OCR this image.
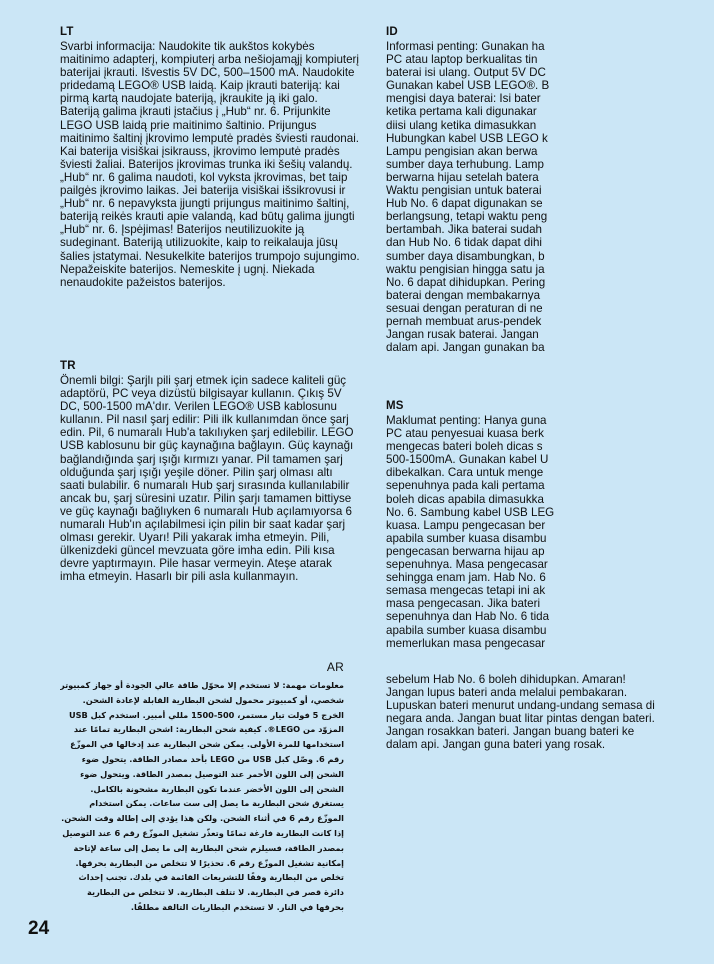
LT

Svarbi informacija: Naudokite tik aukštos kokybės maitinimo adapterį, kompiuterį arba nešiojamąjį kompiuterį baterijai įkrauti. Išvestis 5V DC, 500–1500 mA. Naudokite pridedamą LEGO® USB laidą. Kaip įkrauti bateriją: kai pirmą kartą naudojate bateriją, įkraukite ją iki galo. Bateriją galima įkrauti įstačius į „Hub“ nr. 6. Prijunkite LEGO USB laidą prie maitinimo šaltinio. Prijungus maitinimo šaltinį įkrovimo lemputė pradės šviesti raudonai. Kai baterija visiškai įsikrauss, įkrovimo lemputė pradės šviesti žaliai. Baterijos įkrovimas trunka iki šešių valandų. „Hub“ nr. 6 galima naudoti, kol vyksta įkrovimas, bet taip pailgės įkrovimo laikas. Jei baterija visiškai išsikrovusi ir „Hub“ nr. 6 nepavyksta įjungti prijungus maitinimo šaltinį, bateriją reikės krauti apie valandą, kad būtų galima įjungti „Hub“ nr. 6. Įspėjimas! Baterijos neutilizuokite ją sudeginant. Bateriją utilizuokite, kaip to reikalauja jūsų šalies įstatymai. Nesukelkite baterijos trumpojo sujungimo. Nepažeiskite baterijos. Nemeskite į ugnį. Niekada nenaudokite pažeistos baterijos.

TR

Önemli bilgi: Şarjlı pili şarj etmek için sadece kaliteli güç adaptörü, PC veya dizüstü bilgisayar kullanın. Çıkış 5V DC, 500-1500 mA'dır. Verilen LEGO® USB kablosunu kullanın. Pil nasıl şarj edilir: Pili ilk kullanımdan önce şarj edin. Pil, 6 numaralı Hub'a takılıyken şarj edilebilir. LEGO USB kablosunu bir güç kaynağına bağlayın. Güç kaynağı bağlandığında şarj ışığı kırmızı yanar. Pil tamamen şarj olduğunda şarj ışığı yeşile döner. Pilin şarj olması altı saati bulabilir. 6 numaralı Hub şarj sırasında kullanılabilir ancak bu, şarj süresini uzatır. Pilin şarjı tamamen bittiyse ve güç kaynağı bağlıyken 6 numaralı Hub açılamıyorsa 6 numaralı Hub'ın açılabilmesi için pilin bir saat kadar şarj olması gerekir. Uyarı! Pili yakarak imha etmeyin. Pili, ülkenizdeki güncel mevzuata göre imha edin. Pili kısa devre yaptırmayın. Pile hasar vermeyin. Ateşe atarak imha etmeyin. Hasarlı bir pili asla kullanmayın.

AR

معلومات مهمة: لا تستخدم إلا محوّل طاقة عالي الجودة أو جهاز كمبيوتر شخصي، أو كمبيوتر محمول لشحن البطارية القابلة لإعادة الشحن. الخرج 5 فولت تيار مستمر، 500-1500 مللي أمبير. استخدم كبل USB المزوّد من LEGO®. كيفية شحن البطارية: اشحن البطارية تمامًا عند استخدامها للمرة الأولى. يمكن شحن البطارية عند إدخالها في الموزّع رقم 6. وصّل كبل USB من LEGO بأحد مصادر الطاقة. يتحول ضوء الشحن إلى اللون الأحمر عند التوصيل بمصدر الطاقة. ويتحول ضوء الشحن إلى اللون الأخضر عندما تكون البطارية مشحونة بالكامل. يستغرق شحن البطارية ما يصل إلى ست ساعات. يمكن استخدام الموزّع رقم 6 في أثناء الشحن. ولكن هذا يؤدي إلى إطالة وقت الشحن. إذا كانت البطارية فارغة تمامًا وتعذّر تشغيل الموزّع رقم 6 عند التوصيل بمصدر الطاقة، فسيلزم شحن البطارية إلى ما يصل إلى ساعة لإتاحة إمكانية تشغيل الموزّع رقم 6. تحذيرًا لا تتخلص من البطارية بحرقها. تخلص من البطارية وفقًا للتشريعات القائمة في بلدك. تجنب إحداث دائرة قصر في البطارية. لا تتلف البطارية. لا تتخلص من البطارية بحرقها في النار. لا تستخدم البطاريات التالفة مطلقًا.

ID

Informasi penting: Gunakan ha
PC atau laptop berkualitas tin
baterai isi ulang. Output 5V DC
Gunakan kabel USB LEGO®. B
mengisi daya baterai: Isi bater
ketika pertama kali digunakar
diisi ulang ketika dimasukkan
Hubungkan kabel USB LEGO k
Lampu pengisian akan berwa
sumber daya terhubung. Lamp
berwarna hijau setelah batera
Waktu pengisian untuk baterai
Hub No. 6 dapat digunakan se
berlangsung, tetapi waktu peng
bertambah. Jika baterai sudah
dan Hub No. 6 tidak dapat dihi
sumber daya disambungkan, b
waktu pengisian hingga satu ja
No. 6 dapat dihidupkan. Pering
baterai dengan membakarnya
sesuai dengan peraturan di ne
pernah membuat arus-pendek
Jangan rusak baterai. Jangan
dalam api. Jangan gunakan ba

MS

Maklumat penting: Hanya guna
PC atau penyesuai kuasa berk
mengecas bateri boleh dicas s
500-1500mA. Gunakan kabel U
dibekalkan. Cara untuk menge
sepenuhnya pada kali pertama
boleh dicas apabila dimasukka
No. 6. Sambung kabel USB LEG
kuasa. Lampu pengecasan ber
apabila sumber kuasa disambu
pengecasan berwarna hijau ap
sepenuhnya. Masa pengecasar
sehingga enam jam. Hab No. 6
semasa mengecas tetapi ini ak
masa pengecasan. Jika bateri
sepenuhnya dan Hab No. 6 tida
apabila sumber kuasa disambu
memerlukan masa pengecasar

sebelum Hab No. 6 boleh dihidupkan. Amaran! Jangan lupus bateri anda melalui pembakaran. Lupuskan bateri menurut undang-undang semasa di negara anda. Jangan buat litar pintas dengan bateri. Jangan rosakkan bateri. Jangan buang bateri ke dalam api. Jangan guna bateri yang rosak.

24
